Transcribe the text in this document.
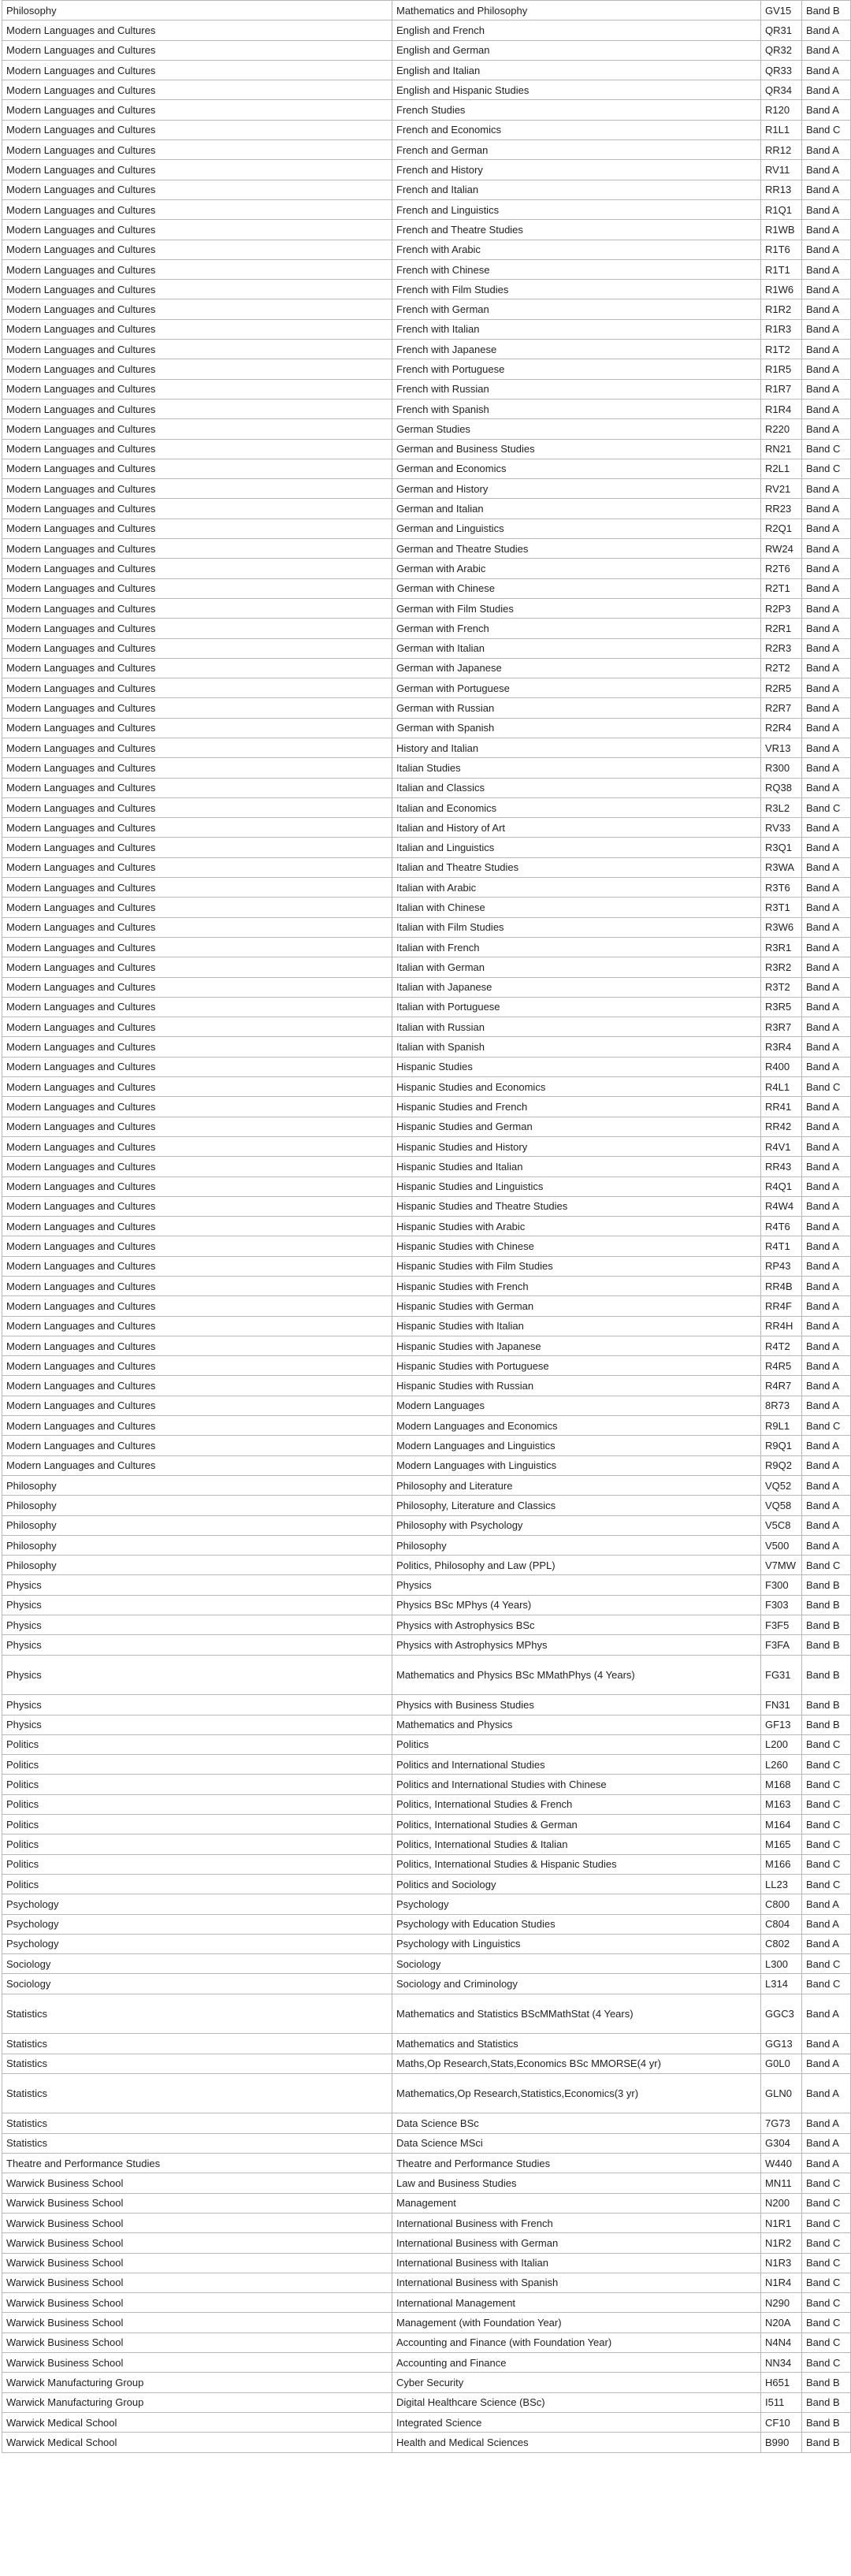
Philosophy	Mathematics and Philosophy	GV15	Band B
Modern Languages and Cultures	English and French	QR31	Band A
Modern Languages and Cultures	English and German	QR32	Band A
Modern Languages and Cultures	English and Italian	QR33	Band A
Modern Languages and Cultures	English and Hispanic Studies	QR34	Band A
Modern Languages and Cultures	French Studies	R120	Band A
Modern Languages and Cultures	French and Economics	R1L1	Band C
Modern Languages and Cultures	French and German	RR12	Band A
Modern Languages and Cultures	French and History	RV11	Band A
Modern Languages and Cultures	French and Italian	RR13	Band A
Modern Languages and Cultures	French and Linguistics	R1Q1	Band A
Modern Languages and Cultures	French and Theatre Studies	R1WB	Band A
Modern Languages and Cultures	French with Arabic	R1T6	Band A
Modern Languages and Cultures	French with Chinese	R1T1	Band A
Modern Languages and Cultures	French with Film Studies	R1W6	Band A
Modern Languages and Cultures	French with German	R1R2	Band A
Modern Languages and Cultures	French with Italian	R1R3	Band A
Modern Languages and Cultures	French with Japanese	R1T2	Band A
Modern Languages and Cultures	French with Portuguese	R1R5	Band A
Modern Languages and Cultures	French with Russian	R1R7	Band A
Modern Languages and Cultures	French with Spanish	R1R4	Band A
Modern Languages and Cultures	German Studies	R220	Band A
Modern Languages and Cultures	German and Business Studies	RN21	Band C
Modern Languages and Cultures	German and Economics	R2L1	Band C
Modern Languages and Cultures	German and History	RV21	Band A
Modern Languages and Cultures	German and Italian	RR23	Band A
Modern Languages and Cultures	German and Linguistics	R2Q1	Band A
Modern Languages and Cultures	German and Theatre Studies	RW24	Band A
Modern Languages and Cultures	German with Arabic	R2T6	Band A
Modern Languages and Cultures	German with Chinese	R2T1	Band A
Modern Languages and Cultures	German with Film Studies	R2P3	Band A
Modern Languages and Cultures	German with French	R2R1	Band A
Modern Languages and Cultures	German with Italian	R2R3	Band A
Modern Languages and Cultures	German with Japanese	R2T2	Band A
Modern Languages and Cultures	German with Portuguese	R2R5	Band A
Modern Languages and Cultures	German with Russian	R2R7	Band A
Modern Languages and Cultures	German with Spanish	R2R4	Band A
Modern Languages and Cultures	History and Italian	VR13	Band A
Modern Languages and Cultures	Italian Studies	R300	Band A
Modern Languages and Cultures	Italian and Classics	RQ38	Band A
Modern Languages and Cultures	Italian and Economics	R3L2	Band C
Modern Languages and Cultures	Italian and History of Art	RV33	Band A
Modern Languages and Cultures	Italian and Linguistics	R3Q1	Band A
Modern Languages and Cultures	Italian and Theatre Studies	R3WA	Band A
Modern Languages and Cultures	Italian with Arabic	R3T6	Band A
Modern Languages and Cultures	Italian with Chinese	R3T1	Band A
Modern Languages and Cultures	Italian with Film Studies	R3W6	Band A
Modern Languages and Cultures	Italian with French	R3R1	Band A
Modern Languages and Cultures	Italian with German	R3R2	Band A
Modern Languages and Cultures	Italian with Japanese	R3T2	Band A
Modern Languages and Cultures	Italian with Portuguese	R3R5	Band A
Modern Languages and Cultures	Italian with Russian	R3R7	Band A
Modern Languages and Cultures	Italian with Spanish	R3R4	Band A
Modern Languages and Cultures	Hispanic Studies	R400	Band A
Modern Languages and Cultures	Hispanic Studies and Economics	R4L1	Band C
Modern Languages and Cultures	Hispanic Studies and French	RR41	Band A
Modern Languages and Cultures	Hispanic Studies and German	RR42	Band A
Modern Languages and Cultures	Hispanic Studies and History	R4V1	Band A
Modern Languages and Cultures	Hispanic Studies and Italian	RR43	Band A
Modern Languages and Cultures	Hispanic Studies and Linguistics	R4Q1	Band A
Modern Languages and Cultures	Hispanic Studies and Theatre Studies	R4W4	Band A
Modern Languages and Cultures	Hispanic Studies with Arabic	R4T6	Band A
Modern Languages and Cultures	Hispanic Studies with Chinese	R4T1	Band A
Modern Languages and Cultures	Hispanic Studies with Film Studies	RP43	Band A
Modern Languages and Cultures	Hispanic Studies with French	RR4B	Band A
Modern Languages and Cultures	Hispanic Studies with German	RR4F	Band A
Modern Languages and Cultures	Hispanic Studies with Italian	RR4H	Band A
Modern Languages and Cultures	Hispanic Studies with Japanese	R4T2	Band A
Modern Languages and Cultures	Hispanic Studies with Portuguese	R4R5	Band A
Modern Languages and Cultures	Hispanic Studies with Russian	R4R7	Band A
Modern Languages and Cultures	Modern Languages	8R73	Band A
Modern Languages and Cultures	Modern Languages and Economics	R9L1	Band C
Modern Languages and Cultures	Modern Languages and Linguistics	R9Q1	Band A
Modern Languages and Cultures	Modern Languages with Linguistics	R9Q2	Band A
Philosophy	Philosophy and Literature	VQ52	Band A
Philosophy	Philosophy, Literature and Classics	VQ58	Band A
Philosophy	Philosophy with Psychology	V5C8	Band A
Philosophy	Philosophy	V500	Band A
Philosophy	Politics, Philosophy and Law (PPL)	V7MW	Band C
Physics	Physics	F300	Band B
Physics	Physics BSc MPhys (4 Years)	F303	Band B
Physics	Physics with Astrophysics BSc	F3F5	Band B
Physics	Physics with Astrophysics MPhys	F3FA	Band B
Physics	Mathematics and Physics BSc MMathPhys (4 Years)	FG31	Band B
Physics	Physics with Business Studies	FN31	Band B
Physics	Mathematics and Physics	GF13	Band B
Politics	Politics	L200	Band C
Politics	Politics and International Studies	L260	Band C
Politics	Politics and International Studies with Chinese	M168	Band C
Politics	Politics, International Studies & French	M163	Band C
Politics	Politics, International Studies & German	M164	Band C
Politics	Politics, International Studies & Italian	M165	Band C
Politics	Politics, International Studies & Hispanic Studies	M166	Band C
Politics	Politics and Sociology	LL23	Band C
Psychology	Psychology	C800	Band A
Psychology	Psychology with Education Studies	C804	Band A
Psychology	Psychology with Linguistics	C802	Band A
Sociology	Sociology	L300	Band C
Sociology	Sociology and Criminology	L314	Band C
Statistics	Mathematics and Statistics BScMMathStat (4 Years)	GGC3	Band A
Statistics	Mathematics and Statistics	GG13	Band A
Statistics	Maths,Op Research,Stats,Economics BSc MMORSE(4 yr)	G0L0	Band A
Statistics	Mathematics,Op Research,Statistics,Economics(3 yr)	GLN0	Band A
Statistics	Data Science BSc	7G73	Band A
Statistics	Data Science MSci	G304	Band A
Theatre and Performance Studies	Theatre and Performance Studies	W440	Band A
Warwick Business School	Law and Business Studies	MN11	Band C
Warwick Business School	Management	N200	Band C
Warwick Business School	International Business with French	N1R1	Band C
Warwick Business School	International Business with German	N1R2	Band C
Warwick Business School	International Business with Italian	N1R3	Band C
Warwick Business School	International Business with Spanish	N1R4	Band C
Warwick Business School	International Management	N290	Band C
Warwick Business School	Management (with Foundation Year)	N20A	Band C
Warwick Business School	Accounting and Finance (with Foundation Year)	N4N4	Band C
Warwick Business School	Accounting and Finance	NN34	Band C
Warwick Manufacturing Group	Cyber Security	H651	Band B
Warwick Manufacturing Group	Digital Healthcare Science (BSc)	I511	Band B
Warwick Medical School	Integrated Science	CF10	Band B
Warwick Medical School	Health and Medical Sciences	B990	Band B
